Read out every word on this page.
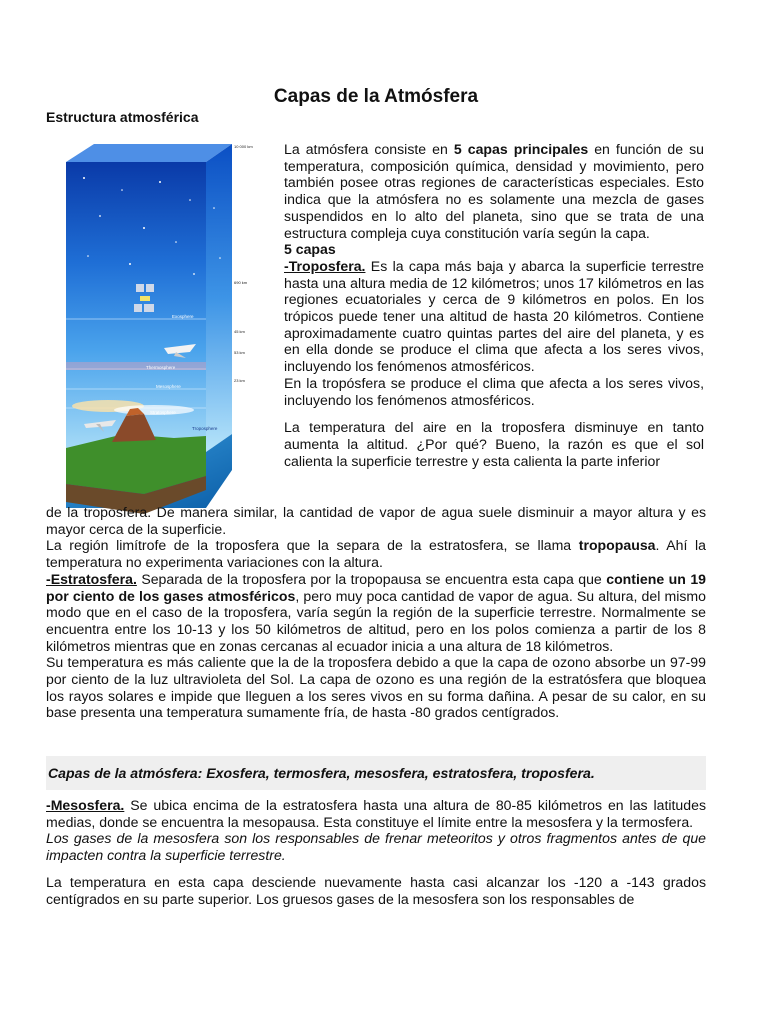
Capas de la Atmósfera
Estructura atmosférica
10 000 km
690 km
45 km
53 km
23 km
Exosphere
Thermosphere
Mesosphere
Stratosphere
Troposphere

La atmósfera consiste en 5 capas principales en función de su temperatura, composición química, densidad y movimiento, pero también posee otras regiones de características especiales. Esto indica que la atmósfera no es solamente una mezcla de gases suspendidos en lo alto del planeta, sino que se trata de una estructura compleja cuya constitución varía según la capa.

5 capas

-Troposfera. Es la capa más baja y abarca la superficie terrestre hasta una altura media de 12 kilómetros; unos 17 kilómetros en las regiones ecuatoriales y cerca de 9 kilómetros en polos. En los trópicos puede tener una altitud de hasta 20 kilómetros. Contiene aproximadamente cuatro quintas partes del aire del planeta, y es en ella donde se produce el clima que afecta a los seres vivos, incluyendo los fenómenos atmosféricos.

En la tropósfera se produce el clima que afecta a los seres vivos, incluyendo los fenómenos atmosféricos.

La temperatura del aire en la troposfera disminuye en tanto aumenta la altitud. ¿Por qué? Bueno, la razón es que el sol calienta la superficie terrestre y esta calienta la parte inferior

de la troposfera. De manera similar, la cantidad de vapor de agua suele disminuir a mayor altura y es mayor cerca de la superficie.

La región limítrofe de la troposfera que la separa de la estratosfera, se llama tropopausa. Ahí la temperatura no experimenta variaciones con la altura.

-Estratosfera. Separada de la troposfera por la tropopausa se encuentra esta capa que contiene un 19 por ciento de los gases atmosféricos, pero muy poca cantidad de vapor de agua. Su altura, del mismo modo que en el caso de la troposfera, varía según la región de la superficie terrestre. Normalmente se encuentra entre los 10-13 y los 50 kilómetros de altitud, pero en los polos comienza a partir de los 8 kilómetros mientras que en zonas cercanas al ecuador inicia a una altura de 18 kilómetros.

Su temperatura es más caliente que la de la troposfera debido a que la capa de ozono absorbe un 97-99 por ciento de la luz ultravioleta del Sol. La capa de ozono es una región de la estratósfera que bloquea los rayos solares e impide que lleguen a los seres vivos en su forma dañina. A pesar de su calor, en su base presenta una temperatura sumamente fría, de hasta -80 grados centígrados.

Capas de la atmósfera: Exosfera, termosfera, mesosfera, estratosfera, troposfera.

-Mesosfera. Se ubica encima de la estratosfera hasta una altura de 80-85 kilómetros en las latitudes medias, donde se encuentra la mesopausa. Esta constituye el límite entre la mesosfera y la termosfera.

Los gases de la mesosfera son los responsables de frenar meteoritos y otros fragmentos antes de que impacten contra la superficie terrestre.

La temperatura en esta capa desciende nuevamente hasta casi alcanzar los -120 a -143 grados centígrados en su parte superior. Los gruesos gases de la mesosfera son los responsables de
